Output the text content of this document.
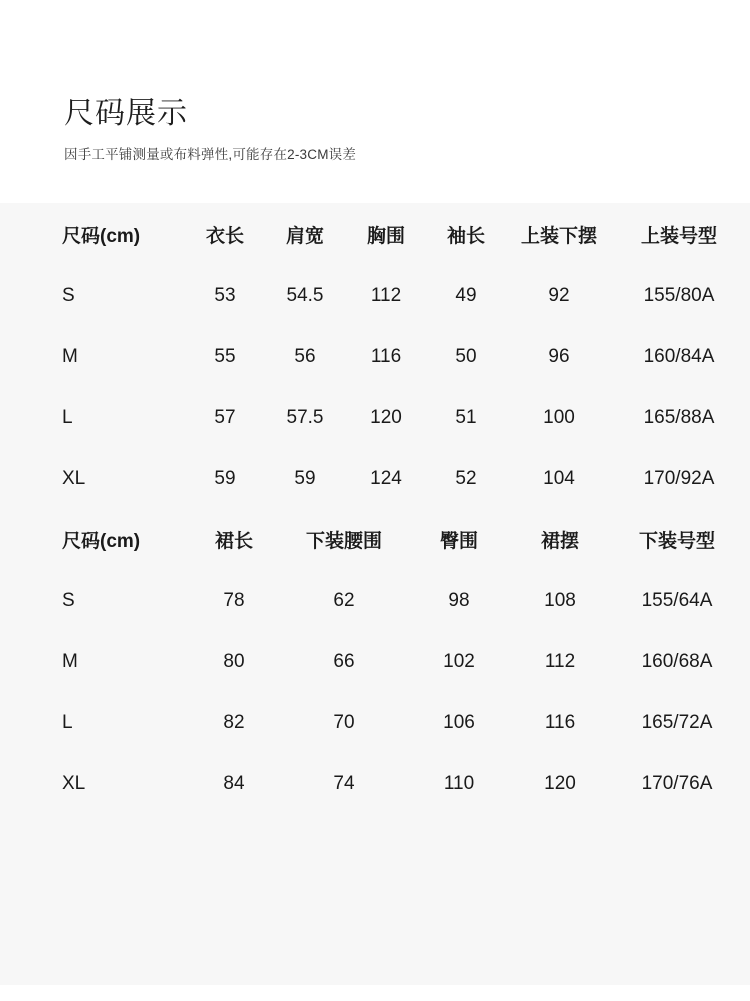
尺码展示

因手工平铺测量或布料弹性,可能存在2-3CM误差

尺码(cm)	衣长	肩宽	胸围	袖长	上装下摆	上装号型
S	53	54.5	112	49	92	155/80A
M	55	56	116	50	96	160/84A
L	57	57.5	120	51	100	165/88A
XL	59	59	124	52	104	170/92A
尺码(cm)	裙长	下装腰围	臀围	裙摆	下装号型
S	78	62	98	108	155/64A
M	80	66	102	112	160/68A
L	82	70	106	116	165/72A
XL	84	74	110	120	170/76A
